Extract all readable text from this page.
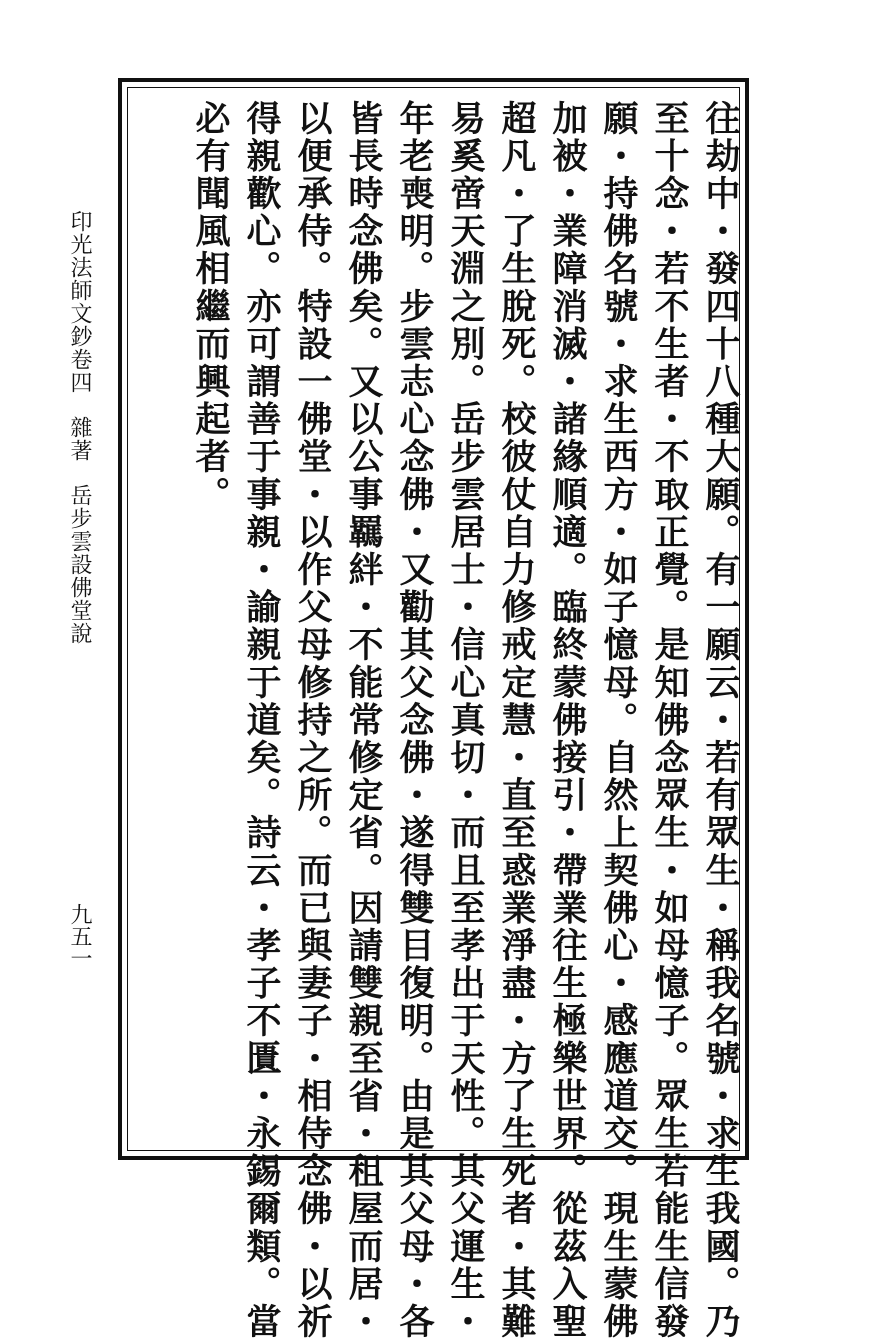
印光法師文鈔卷四雜著岳步雲設佛堂說
九五一	往劫中・發四十八種大願。有一願云・若有眾生・稱我名號・求生我國。乃
至十念・若不生者・不取正覺。是知佛念眾生・如母憶子。眾生若能生信發
願・持佛名號・求生西方・如子憶母。自然上契佛心・感應道交。現生蒙佛
加被・業障消滅・諸緣順適。臨終蒙佛接引・帶業往生極樂世界。從茲入聖
超凡・了生脫死。校彼仗自力修戒定慧・直至惑業淨盡・方了生死者・其難
易奚啻天淵之別。岳步雲居士・信心真切・而且至孝出于天性。其父運生・
年老喪明。步雲志心念佛・又勸其父念佛・遂得雙目復明。由是其父母・各
皆長時念佛矣。又以公事羈絆・不能常修定省。因請雙親至省・租屋而居・
以便承侍。特設一佛堂・以作父母修持之所。而已與妻子・相侍念佛・以祈
得親歡心。亦可謂善于事親・諭親于道矣。詩云・孝子不匱・永錫爾類。當
必有聞風相繼而興起者。
